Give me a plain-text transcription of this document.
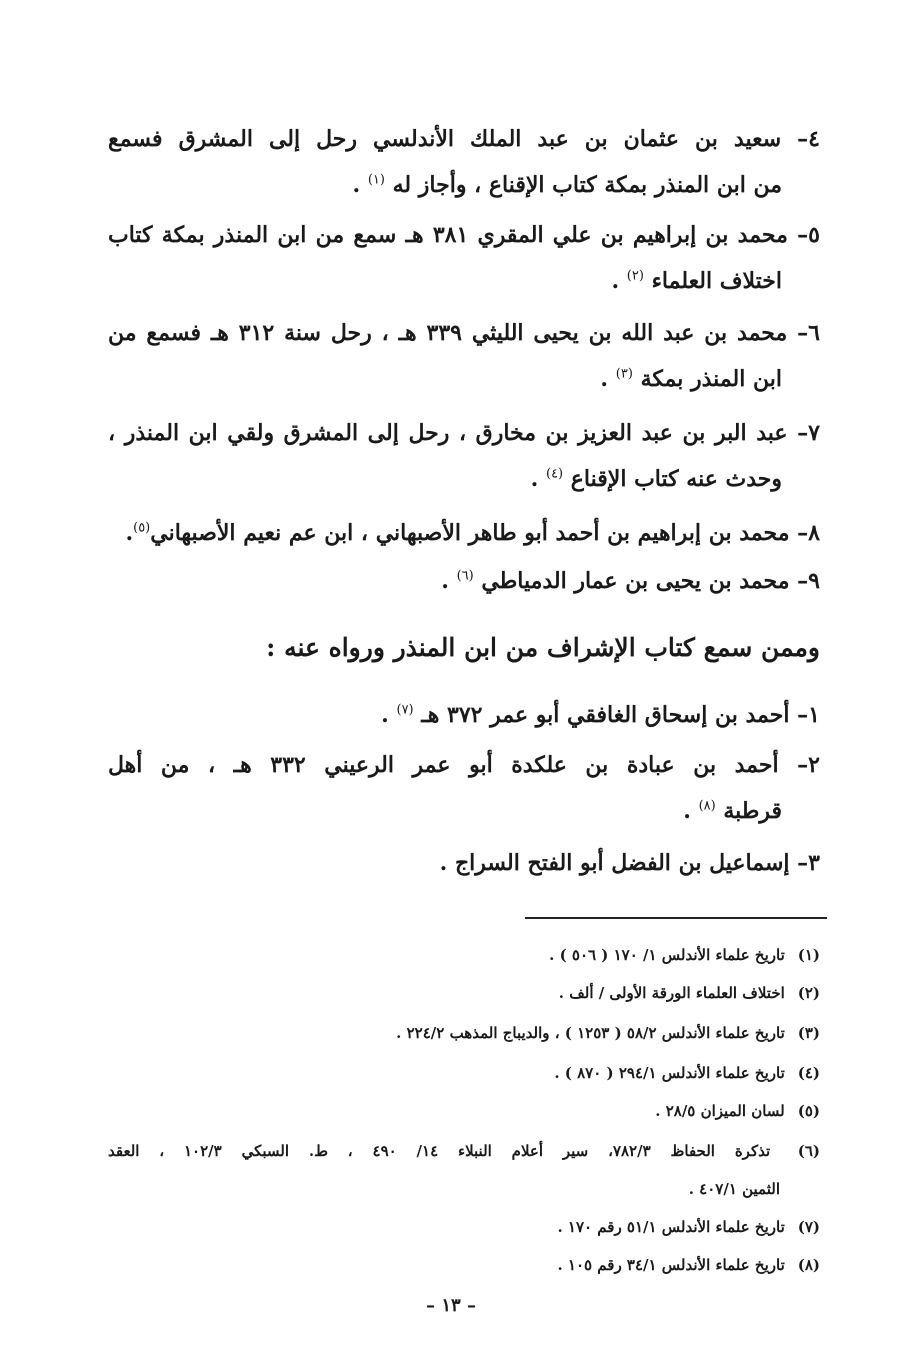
٤– سعيد بن عثمان بن عبد الملك الأندلسي رحل إلى المشرق فسمع
من ابن المنذر بمكة كتاب الإقناع ، وأجاز له $^{(١)}$ .
٥– محمد بن إبراهيم بن علي المقري ٣٨١ هـ سمع من ابن المنذر بمكة كتاب
اختلاف العلماء $^{(٢)}$ .
٦– محمد بن عبد الله بن يحيى الليثي ٣٣٩ هـ ، رحل سنة ٣١٢ هـ فسمع من
ابن المنذر بمكة $^{(٣)}$ .
٧– عبد البر بن عبد العزيز بن مخارق ، رحل إلى المشرق ولقي ابن المنذر ،
وحدث عنه كتاب الإقناع $^{(٤)}$ .
٨– محمد بن إبراهيم بن أحمد أبو طاهر الأصبهاني ، ابن عم نعيم الأصبهاني$^{(٥)}$.
٩– محمد بن يحيى بن عمار الدمياطي $^{(٦)}$ .
وممن سمع كتاب الإشراف من ابن المنذر ورواه عنه :
١– أحمد بن إسحاق الغافقي أبو عمر ٣٧٢ هـ $^{(٧)}$ .
٢– أحمد بن عبادة بن علكدة أبو عمر الرعيني ٣٣٢ هـ ، من أهل
قرطبة $^{(٨)}$ .
٣– إسماعيل بن الفضل أبو الفتح السراج .
(١) تاريخ علماء الأندلس ١/ ١٧٠ ( ٥٠٦ ) .
(٢) اختلاف العلماء الورقة الأولى / ألف .
(٣) تاريخ علماء الأندلس ٥٨/٢ ( ١٢٥٣ ) ، والديباج المذهب ٢٢٤/٢ .
(٤) تاريخ علماء الأندلس ٢٩٤/١ ( ٨٧٠ ) .
(٥) لسان الميزان ٢٨/٥ .
(٦) تذكرة الحفاظ ٧٨٢/٣، سير أعلام النبلاء ١٤/ ٤٩٠ ، ط. السبكي ١٠٢/٣ ، العقد
الثمين ٤٠٧/١ .
(٧) تاريخ علماء الأندلس ٥١/١ رقم ١٧٠ .
(٨) تاريخ علماء الأندلس ٣٤/١ رقم ١٠٥ .
– ١٣ –
